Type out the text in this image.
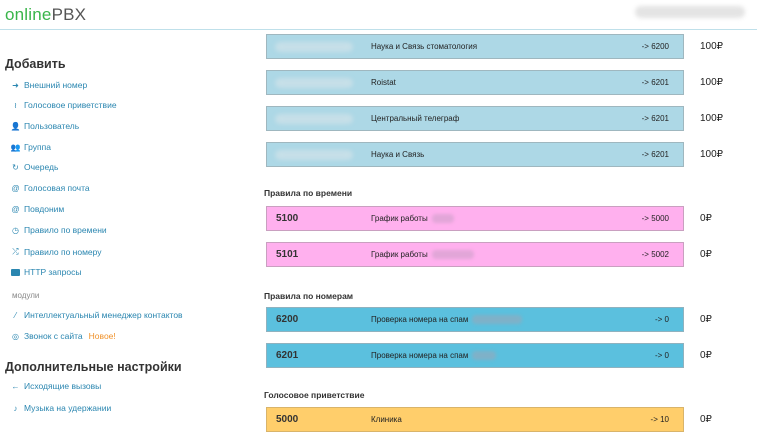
onlinePBX
Добавить
➜ Внешний номер
≀ Голосовое приветствие
👤 Пользователь
👥 Группа
↻ Очередь
@ Голосовая почта
@ Повдоним
◷ Правило по времени
⤮ Правило по номеру
HTTP запросы
модули
⁄ Интеллектуальный менеджер контактов
◎ Звонок с сайта Новое!
Дополнительные настройки
← Исходящие вызовы
♪ Музыка на удержании
Наука и Связь стоматология	-> 6200	100₽
Roistat	-> 6201	100₽
Центральный телеграф	-> 6201	100₽
Наука и Связь	-> 6201	100₽
Правила по времени
5100	График работы	-> 5000	0₽
5101	График работы	-> 5002	0₽
Правила по номерам
6200	Проверка номера на спам	-> 0	0₽
6201	Проверка номера на спам	-> 0	0₽
Голосовое приветствие
5000	Клиника	-> 10	0₽
